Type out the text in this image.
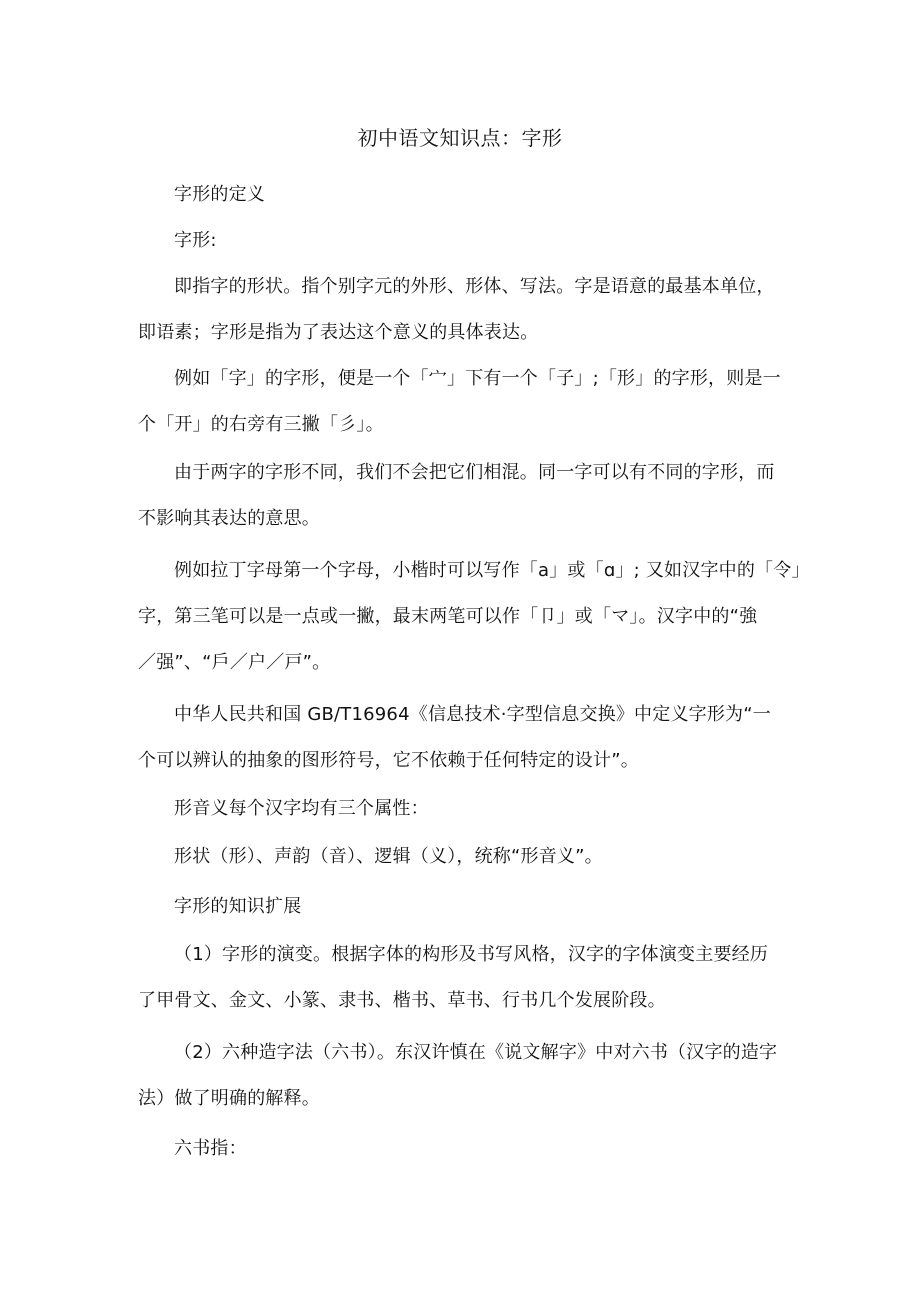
初中语文知识点：字形
字形的定义
字形:
即指字的形状。指个别字元的外形、形体、写法。字是语意的最基本单位，
即语素；字形是指为了表达这个意义的具体表达。
例如「字」的字形，便是一个「宀」下有一个「子」;「形」的字形，则是一
个「开」的右旁有三撇「彡」。
由于两字的字形不同，我们不会把它们相混。同一字可以有不同的字形，而
不影响其表达的意思。
例如拉丁字母第一个字母，小楷时可以写作「a」或「ɑ」; 又如汉字中的「令」
字，第三笔可以是一点或一撇，最末两笔可以作「卩」或「マ」。汉字中的“強
／强”、“戶／户／戸”。
中华人民共和国 GB/T16964《信息技术·字型信息交换》中定义字形为“一
个可以辨认的抽象的图形符号，它不依赖于任何特定的设计”。
形音义每个汉字均有三个属性：
形状（形）、声韵（音）、逻辑（义），统称“形音义”。
字形的知识扩展
（1）字形的演变。根据字体的构形及书写风格，汉字的字体演变主要经历
了甲骨文、金文、小篆、隶书、楷书、草书、行书几个发展阶段。
（2）六种造字法（六书）。东汉许慎在《说文解字》中对六书（汉字的造字
法）做了明确的解释。
六书指：
